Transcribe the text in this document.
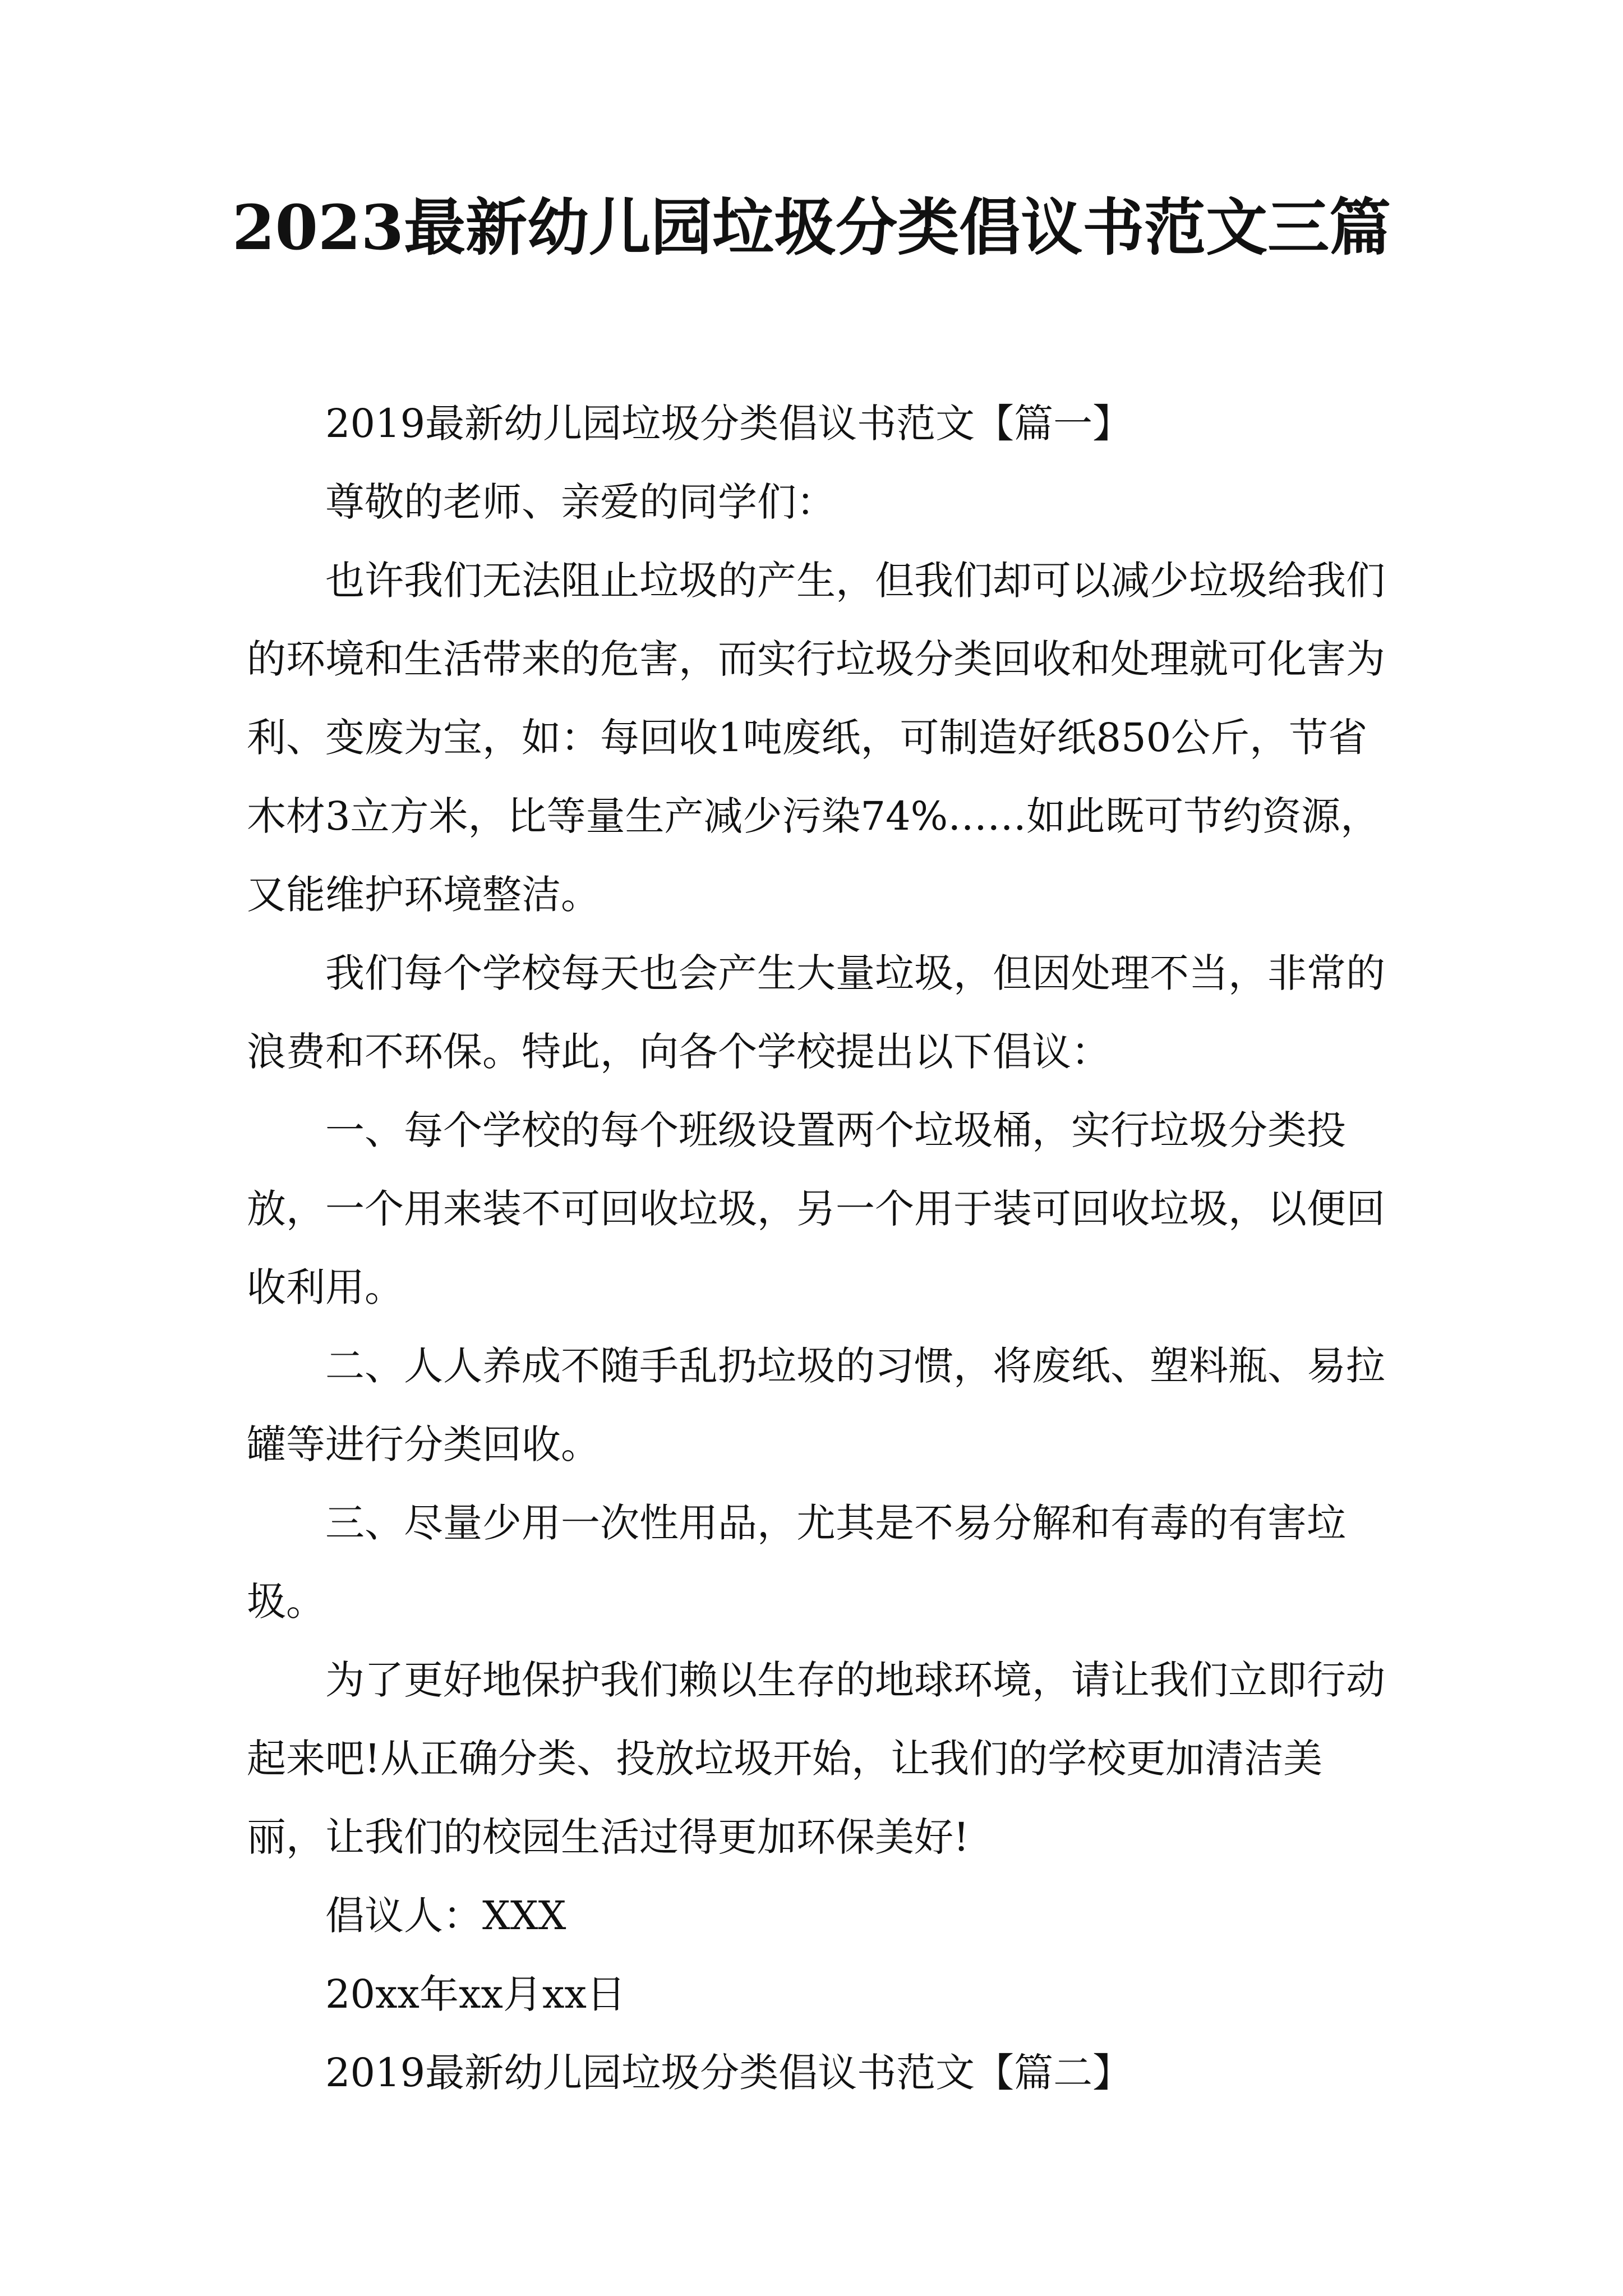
2023最新幼儿园垃圾分类倡议书范文三篇

2019最新幼儿园垃圾分类倡议书范文【篇一】

尊敬的老师、亲爱的同学们：

也许我们无法阻止垃圾的产生，但我们却可以减少垃圾给我们的环境和生活带来的危害，而实行垃圾分类回收和处理就可化害为利、变废为宝，如：每回收1吨废纸，可制造好纸850公斤，节省木材3立方米，比等量生产减少污染74%……如此既可节约资源，又能维护环境整洁。

我们每个学校每天也会产生大量垃圾，但因处理不当，非常的浪费和不环保。特此，向各个学校提出以下倡议：

一、每个学校的每个班级设置两个垃圾桶，实行垃圾分类投放，一个用来装不可回收垃圾，另一个用于装可回收垃圾，以便回收利用。

二、人人养成不随手乱扔垃圾的习惯，将废纸、塑料瓶、易拉罐等进行分类回收。

三、尽量少用一次性用品，尤其是不易分解和有毒的有害垃圾。

为了更好地保护我们赖以生存的地球环境，请让我们立即行动起来吧!从正确分类、投放垃圾开始，让我们的学校更加清洁美丽，让我们的校园生活过得更加环保美好!

倡议人：XXX

20xx年xx月xx日

2019最新幼儿园垃圾分类倡议书范文【篇二】
